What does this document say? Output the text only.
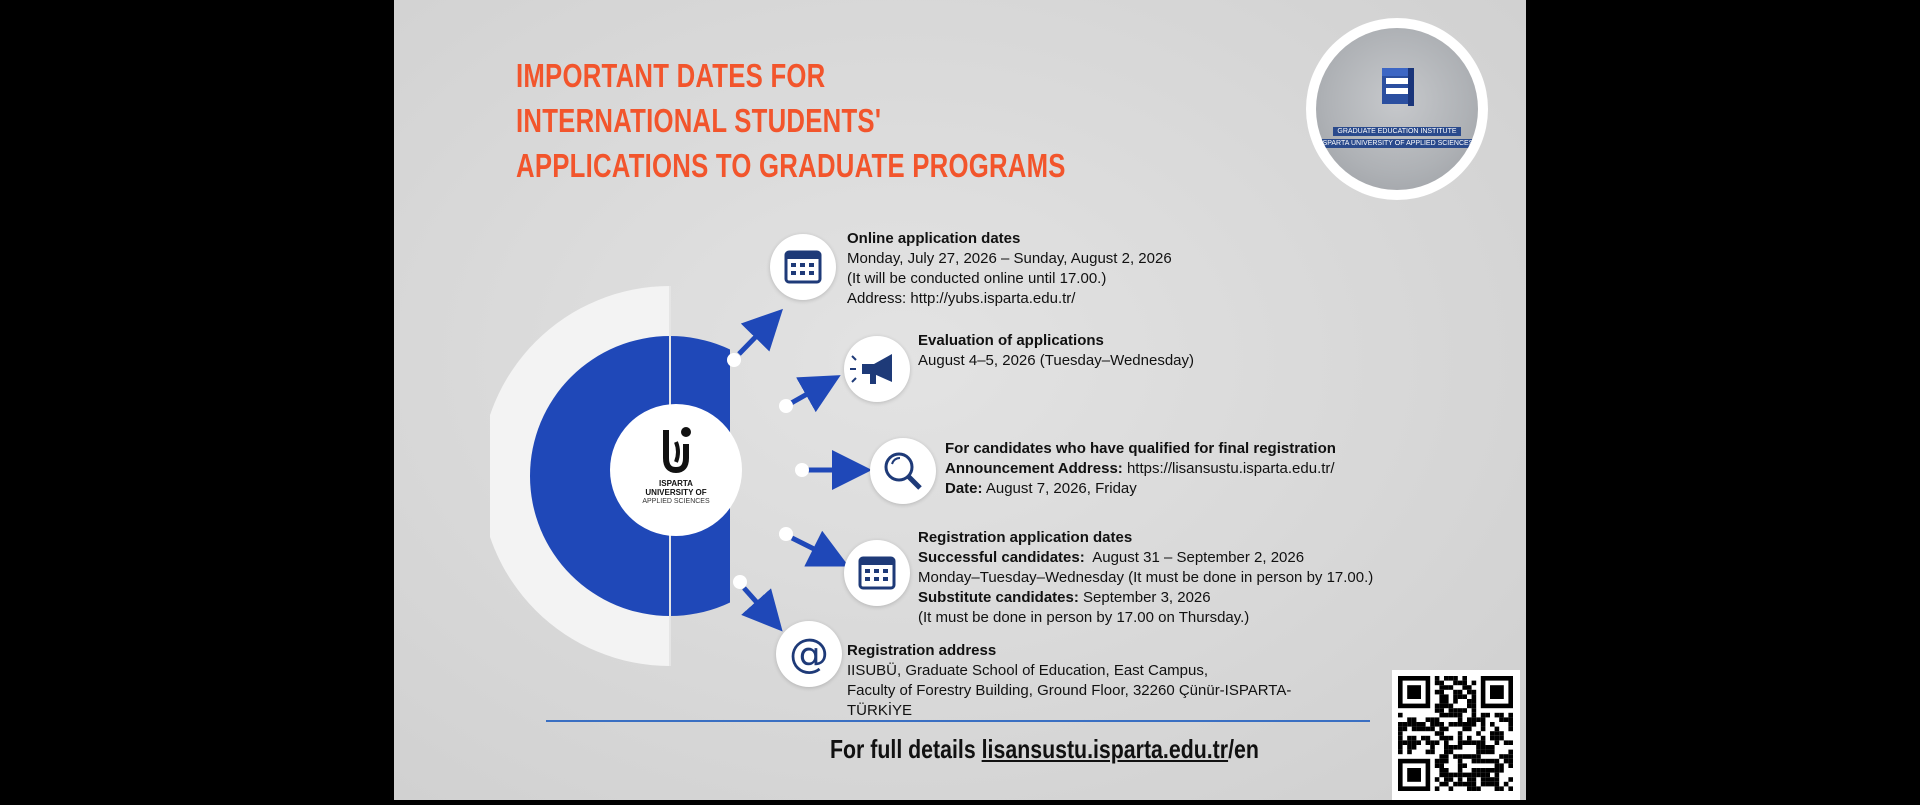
IMPORTANT DATES FOR
INTERNATIONAL STUDENTS'
APPLICATIONS TO GRADUATE PROGRAMS
GRADUATE EDUCATION INSTITUTE
ISPARTA UNIVERSITY OF APPLIED SCIENCES
ISPARTA
UNIVERSITY OF
APPLIED SCIENCES
Online application dates
Monday, July 27, 2026 – Sunday, August 2, 2026
(It will be conducted online until 17.00.)
Address: http://yubs.isparta.edu.tr/
Evaluation of applications
August 4–5, 2026 (Tuesday–Wednesday)
For candidates who have qualified for final registration
Announcement Address: https://lisansustu.isparta.edu.tr/
Date: August 7, 2026, Friday
Registration application dates
Successful candidates:  August 31 – September 2, 2026
Monday–Tuesday–Wednesday (It must be done in person by 17.00.)
Substitute candidates: September 3, 2026
(It must be done in person by 17.00 on Thursday.)
@ Registration address
IISUBÜ, Graduate School of Education, East Campus,
Faculty of Forestry Building, Ground Floor, 32260 Çünür-ISPARTA-
TÜRKİYE
For full details lisansustu.isparta.edu.tr/en
